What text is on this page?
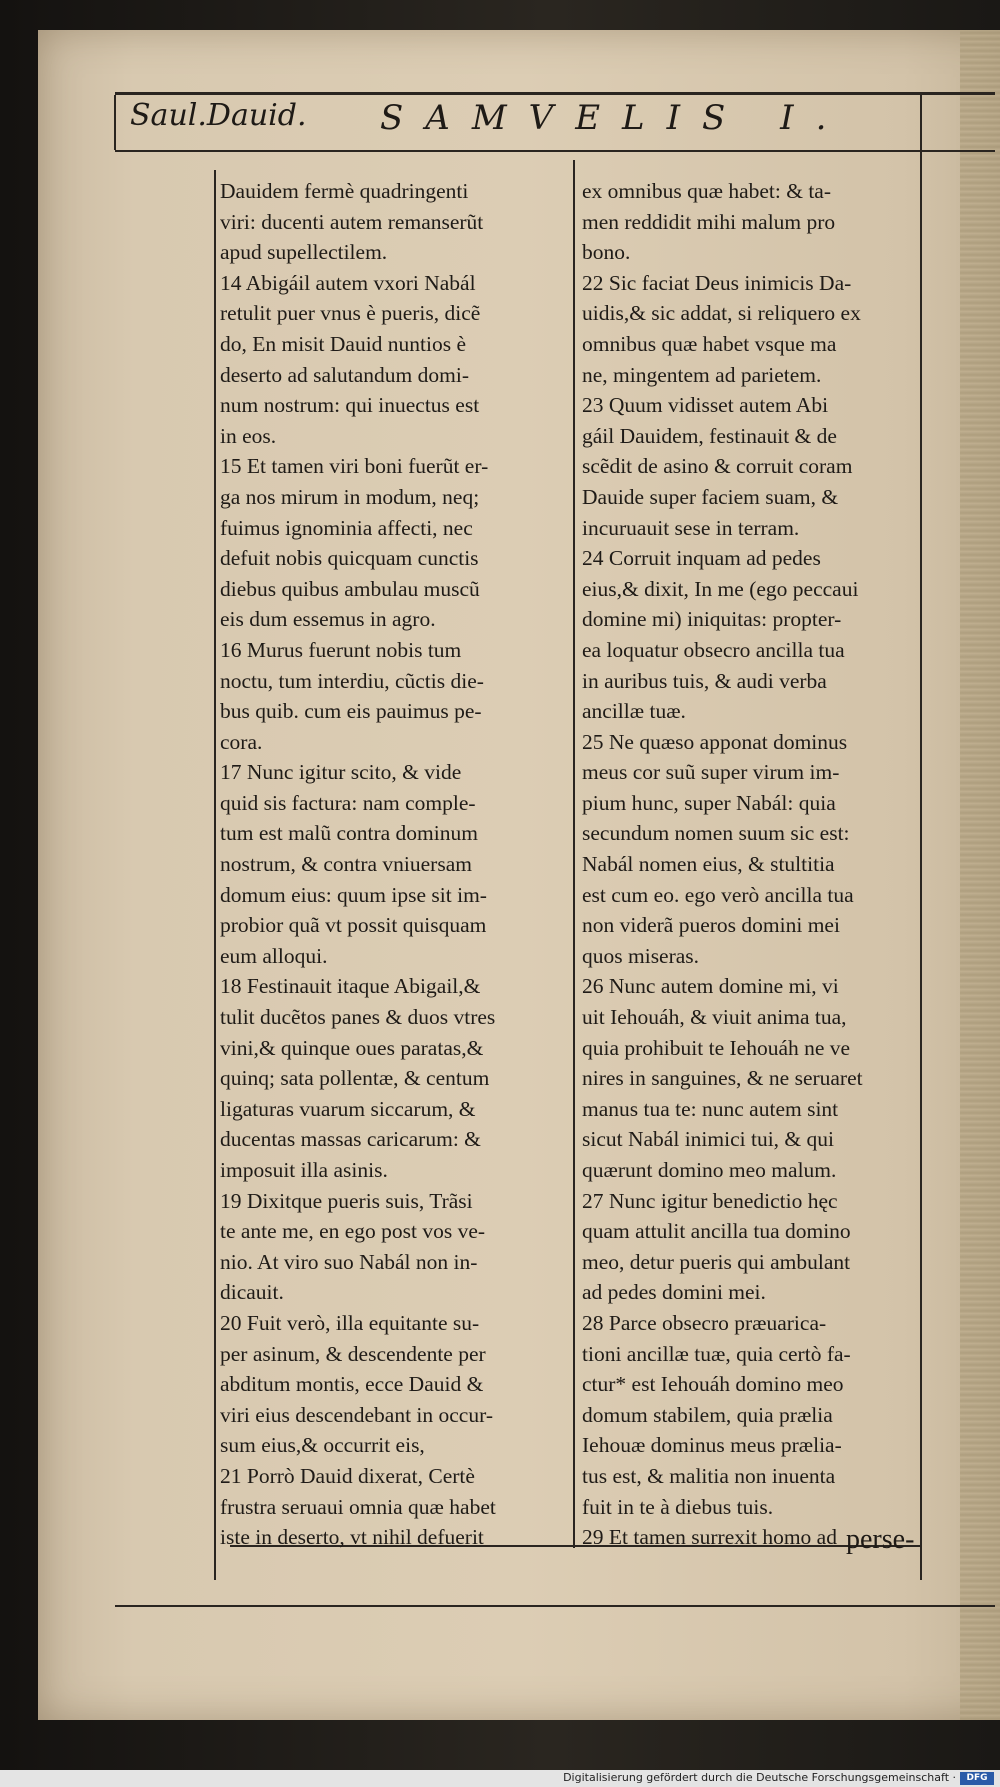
Saul.Dauid. SAMVELIS I.
Dauidem fermè quadringenti
viri: ducenti autem remanserũt
apud supellectilem.
14 Abigáil autem vxori Nabál
retulit puer vnus è pueris, dicẽ
do, En misit Dauid nuntios è
deserto ad salutandum domi-
num nostrum: qui inuectus est
in eos.
15 Et tamen viri boni fuerũt er-
ga nos mirum in modum, neq;
fuimus ignominia affecti, nec
defuit nobis quicquam cunctis
diebus quibus ambulau muscũ
eis dum essemus in agro.
16 Murus fuerunt nobis tum
noctu, tum interdiu, cũctis die-
bus quib. cum eis pauimus pe-
cora.
17 Nunc igitur scito, & vide
quid sis factura: nam comple-
tum est malũ contra dominum
nostrum, & contra vniuersam
domum eius: quum ipse sit im-
probior quã vt possit quisquam
eum alloqui.
18 Festinauit itaque Abigail,&
tulit ducẽtos panes & duos vtres
vini,& quinque oues paratas,&
quinq; sata pollentæ, & centum
ligaturas vuarum siccarum, &
ducentas massas caricarum: &
imposuit illa asinis.
19 Dixitque pueris suis, Trãsi
te ante me, en ego post vos ve-
nio. At viro suo Nabál non in-
dicauit.
20 Fuit verò, illa equitante su-
per asinum, & descendente per
abditum montis, ecce Dauid &
viri eius descendebant in occur-
sum eius,& occurrit eis,
21 Porrò Dauid dixerat, Certè
frustra seruaui omnia quæ habet
iste in deserto, vt nihil defuerit
ex omnibus quæ habet: & ta-
men reddidit mihi malum pro
bono.
22 Sic faciat Deus inimicis Da-
uidis,& sic addat, si reliquero ex
omnibus quæ habet vsque ma
ne, mingentem ad parietem.
23 Quum vidisset autem Abi
gáil Dauidem, festinauit & de
scẽdit de asino & corruit coram
Dauide super faciem suam, &
incuruauit sese in terram.
24 Corruit inquam ad pedes
eius,& dixit, In me (ego peccaui
domine mi) iniquitas: propter-
ea loquatur obsecro ancilla tua
in auribus tuis, & audi verba
ancillæ tuæ.
25 Ne quæso apponat dominus
meus cor suũ super virum im-
pium hunc, super Nabál: quia
secundum nomen suum sic est:
Nabál nomen eius, & stultitia
est cum eo. ego verò ancilla tua
non viderã pueros domini mei
quos miseras.
26 Nunc autem domine mi, vi
uit Iehouáh, & viuit anima tua,
quia prohibuit te Iehouáh ne ve
nires in sanguines, & ne seruaret
manus tua te: nunc autem sint
sicut Nabál inimici tui, & qui
quærunt domino meo malum.
27 Nunc igitur benedictio hęc
quam attulit ancilla tua domino
meo, detur pueris qui ambulant
ad pedes domini mei.
28 Parce obsecro præuarica-
tioni ancillæ tuæ, quia certò fa-
ctur* est Iehouáh domino meo
domum stabilem, quia prælia
Iehouæ dominus meus prælia-
tus est, & malitia non inuenta
fuit in te à diebus tuis.
29 Et tamen surrexit homo ad perse-
Digitalisierung gefördert durch die Deutsche Forschungsgemeinschaft ·	DFG
